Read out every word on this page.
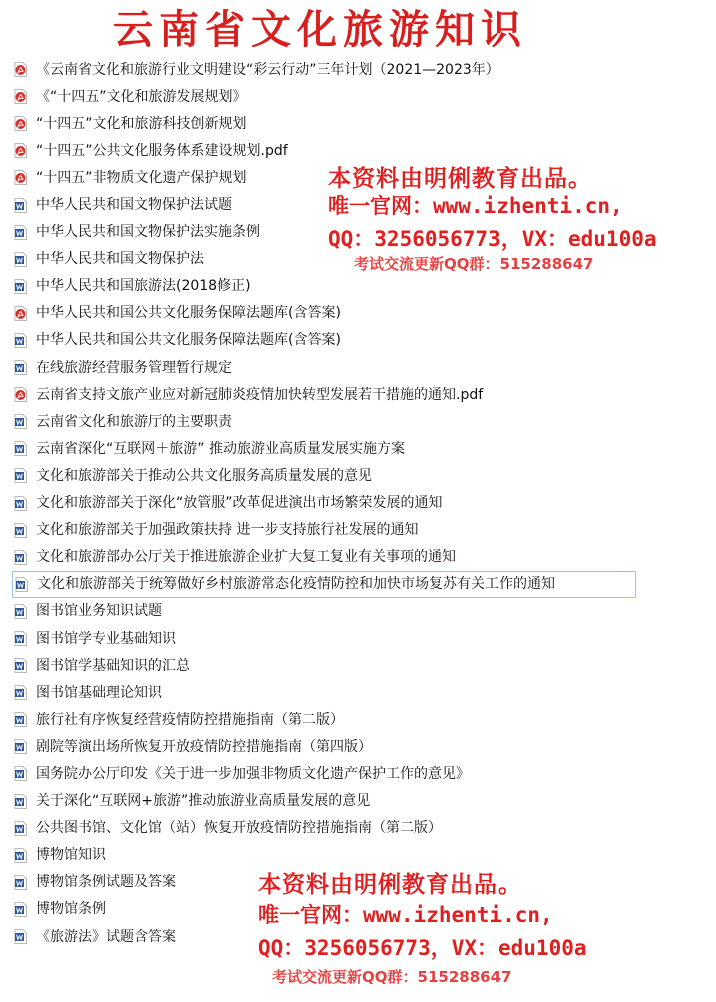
云南省文化旅游知识
《云南省文化和旅游行业文明建设“彩云行动”三年计划（2021—2023年）
《“十四五”文化和旅游发展规划》
“十四五”文化和旅游科技创新规划
“十四五”公共文化服务体系建设规划.pdf
“十四五”非物质文化遗产保护规划
中华人民共和国文物保护法试题
中华人民共和国文物保护法实施条例
中华人民共和国文物保护法
中华人民共和国旅游法(2018修正)
中华人民共和国公共文化服务保障法题库(含答案)
中华人民共和国公共文化服务保障法题库(含答案)
在线旅游经营服务管理暂行规定
云南省支持文旅产业应对新冠肺炎疫情加快转型发展若干措施的通知.pdf
云南省文化和旅游厅的主要职责
云南省深化“互联网＋旅游” 推动旅游业高质量发展实施方案
文化和旅游部关于推动公共文化服务高质量发展的意见
文化和旅游部关于深化“放管服”改革促进演出市场繁荣发展的通知
文化和旅游部关于加强政策扶持 进一步支持旅行社发展的通知
文化和旅游部办公厅关于推进旅游企业扩大复工复业有关事项的通知
文化和旅游部关于统筹做好乡村旅游常态化疫情防控和加快市场复苏有关工作的通知
图书馆业务知识试题
图书馆学专业基础知识
图书馆学基础知识的汇总
图书馆基础理论知识
旅行社有序恢复经营疫情防控措施指南（第二版）
剧院等演出场所恢复开放疫情防控措施指南（第四版）
国务院办公厅印发《关于进一步加强非物质文化遗产保护工作的意见》
关于深化“互联网+旅游”推动旅游业高质量发展的意见
公共图书馆、文化馆（站）恢复开放疫情防控措施指南（第二版）
博物馆知识
博物馆条例试题及答案
博物馆条例
《旅游法》试题含答案
本资料由明俐教育出品。
唯一官网：www.izhenti.cn,
QQ：3256056773，VX：edu100a
考试交流更新QQ群：515288647
本资料由明俐教育出品。
唯一官网：www.izhenti.cn,
QQ：3256056773，VX：edu100a
考试交流更新QQ群：515288647
